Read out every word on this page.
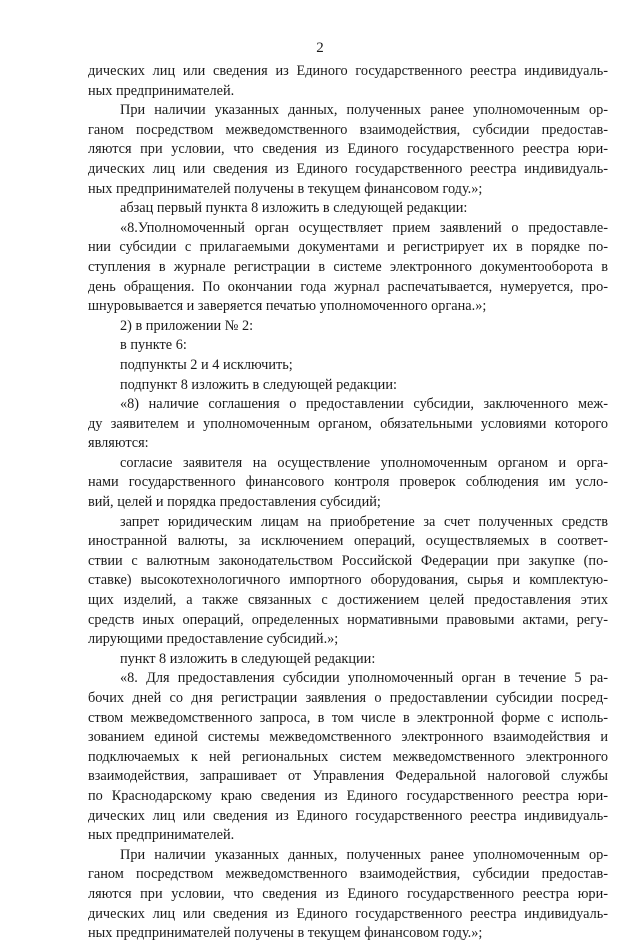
2
дических лиц или сведения из Единого государственного реестра индивидуаль-
ных предпринимателей.
При наличии указанных данных, полученных ранее уполномоченным ор-
ганом посредством межведомственного взаимодействия, субсидии предостав-
ляются при условии, что сведения из Единого государственного реестра юри-
дических лиц или сведения из Единого государственного реестра индивидуаль-
ных предпринимателей получены в текущем финансовом году.»;
абзац первый пункта 8 изложить в следующей редакции:
«8.Уполномоченный орган осуществляет прием заявлений о предоставле-
нии субсидии с прилагаемыми документами и регистрирует их в порядке по-
ступления в журнале регистрации в системе электронного документооборота в
день обращения. По окончании года журнал распечатывается, нумеруется, про-
шнуровывается и заверяется печатью уполномоченного органа.»;
2) в приложении № 2:
в пункте 6:
подпункты 2 и 4 исключить;
подпункт 8 изложить в следующей редакции:
«8) наличие соглашения о предоставлении субсидии, заключенного меж-
ду заявителем и уполномоченным органом, обязательными условиями которого
являются:
согласие заявителя на осуществление уполномоченным органом и орга-
нами государственного финансового контроля проверок соблюдения им усло-
вий, целей и порядка предоставления субсидий;
запрет юридическим лицам на приобретение за счет полученных средств
иностранной валюты, за исключением операций, осуществляемых в соответ-
ствии с валютным законодательством Российской Федерации при закупке (по-
ставке) высокотехнологичного импортного оборудования, сырья и комплектую-
щих изделий, а также связанных с достижением целей предоставления этих
средств иных операций, определенных нормативными правовыми актами, регу-
лирующими предоставление субсидий.»;
пункт 8 изложить в следующей редакции:
«8. Для предоставления субсидии уполномоченный орган в течение 5 ра-
бочих дней со дня регистрации заявления о предоставлении субсидии посред-
ством межведомственного запроса, в том числе в электронной форме с исполь-
зованием единой системы межведомственного электронного взаимодействия и
подключаемых к ней региональных систем межведомственного электронного
взаимодействия, запрашивает от Управления Федеральной налоговой службы
по Краснодарскому краю сведения из Единого государственного реестра юри-
дических лиц или сведения из Единого государственного реестра индивидуаль-
ных предпринимателей.
При наличии указанных данных, полученных ранее уполномоченным ор-
ганом посредством межведомственного взаимодействия, субсидии предостав-
ляются при условии, что сведения из Единого государственного реестра юри-
дических лиц или сведения из Единого государственного реестра индивидуаль-
ных предпринимателей получены в текущем финансовом году.»;
